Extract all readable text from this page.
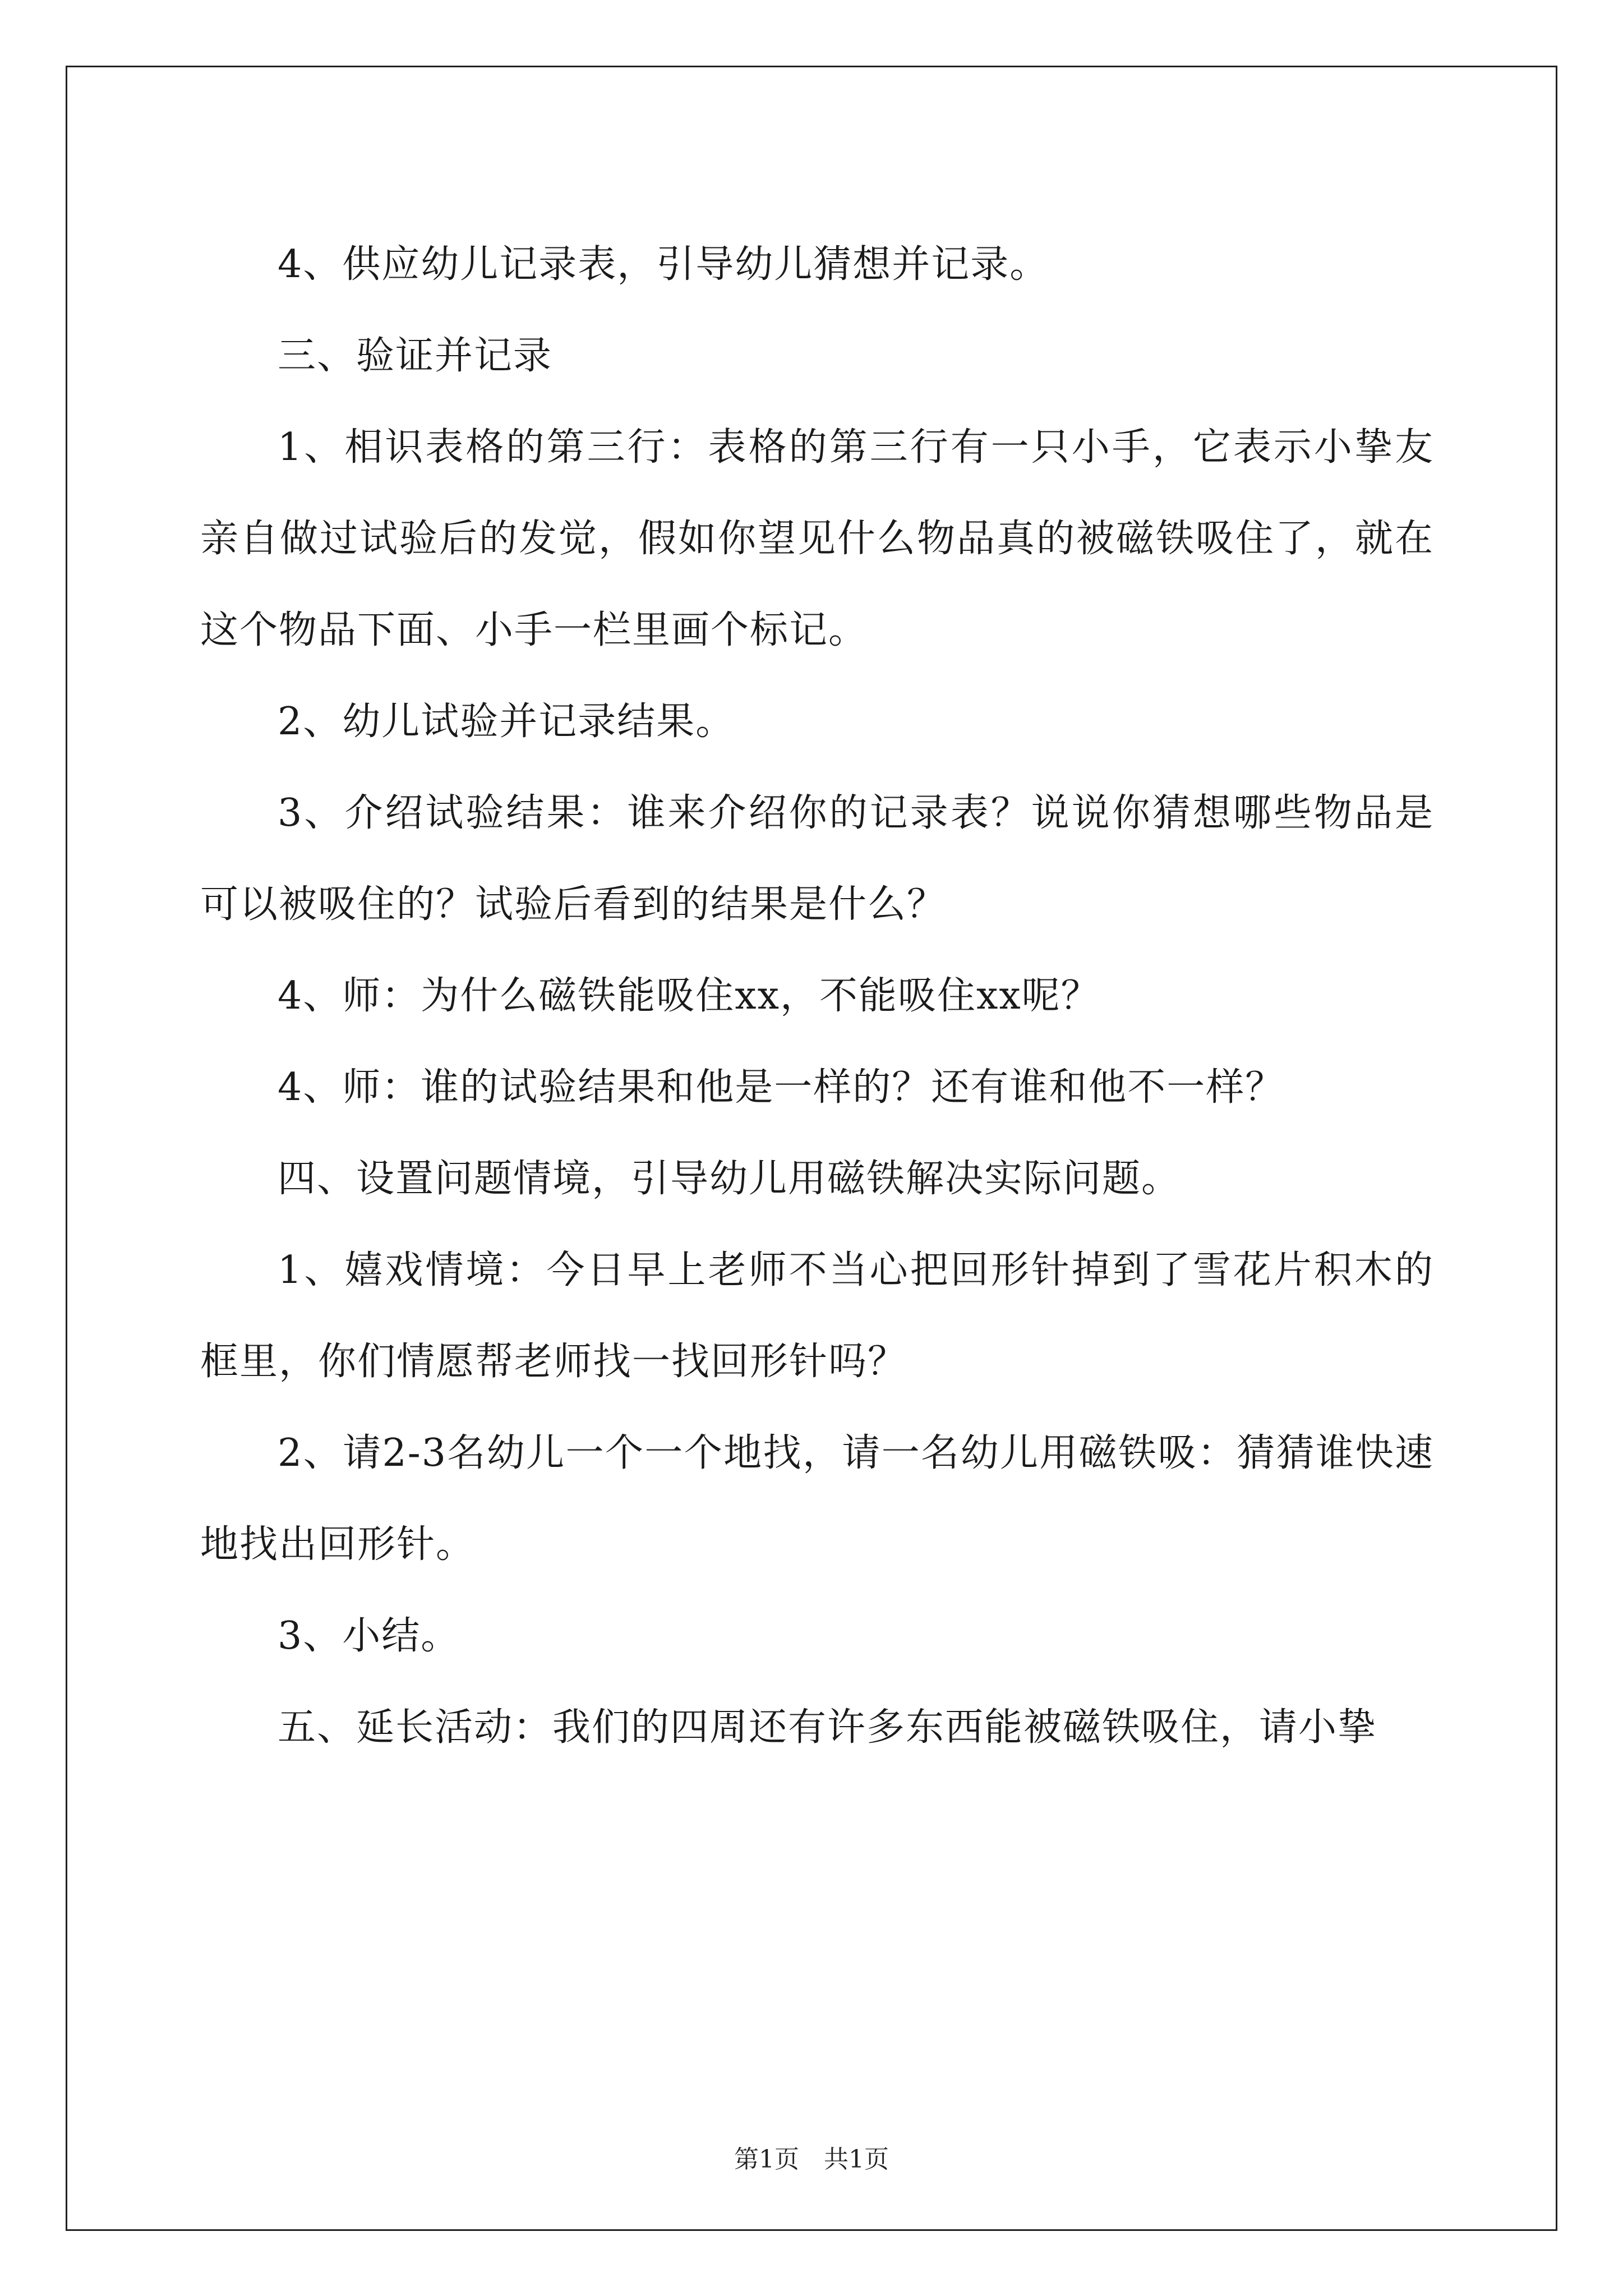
4、供应幼儿记录表，引导幼儿猜想并记录。

三、验证并记录

1、相识表格的第三行：表格的第三行有一只小手，它表示小挚友亲自做过试验后的发觉，假如你望见什么物品真的被磁铁吸住了，就在这个物品下面、小手一栏里画个标记。

2、幼儿试验并记录结果。

3、介绍试验结果：谁来介绍你的记录表？说说你猜想哪些物品是可以被吸住的？试验后看到的结果是什么？

4、师：为什么磁铁能吸住xx，不能吸住xx呢？

4、师：谁的试验结果和他是一样的？还有谁和他不一样？

四、设置问题情境，引导幼儿用磁铁解决实际问题。

1、嬉戏情境：今日早上老师不当心把回形针掉到了雪花片积木的框里，你们情愿帮老师找一找回形针吗？

2、请2-3名幼儿一个一个地找，请一名幼儿用磁铁吸：猜猜谁快速地找出回形针。

3、小结。

五、延长活动：我们的四周还有许多东西能被磁铁吸住，请小挚

第1页　共1页
